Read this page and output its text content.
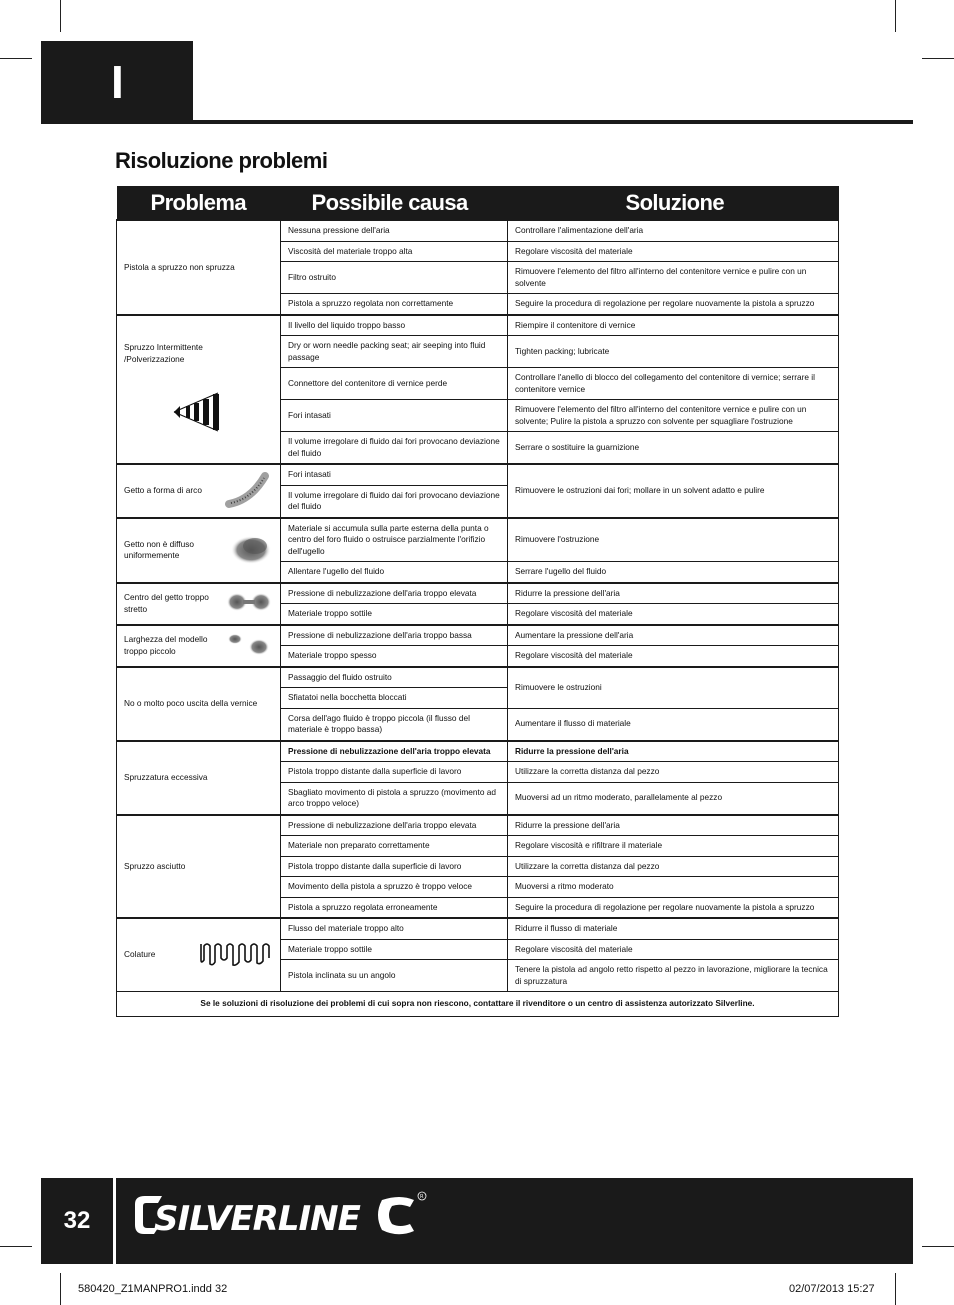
I
Risoluzione problemi
Problema	Possibile causa	Soluzione

Pistola a spruzzo non spruzza	Nessuna pressione dell'aria	Controllare l'alimentazione dell'aria
	Viscosità del materiale troppo alta	Regolare viscosità del materiale
	Filtro ostruito	Rimuovere l'elemento del filtro all'interno del contenitore vernice e pulire con un solvente
	Pistola a spruzzo regolata non correttamente	Seguire la procedura di regolazione per regolare nuovamente la pistola a spruzzo

Spruzzo Intermittente /Polverizzazione	Il livello del liquido troppo basso	Riempire il contenitore di vernice
	Dry or worn needle packing seat; air seeping into fluid passage	Tighten packing; lubricate
	Connettore del contenitore di vernice perde	Controllare l'anello di blocco del collegamento del contenitore di vernice; serrare il contenitore vernice
	Fori intasati	Rimuovere l'elemento del filtro all'interno del contenitore vernice e pulire con un solvente; Pulire la pistola a spruzzo con solvente per squagliare l'ostruzione
	Il volume irregolare di fluido dai fori provocano deviazione del fluido	Serrare o sostituire la guarnizione

Getto a forma di arco	Fori intasati	Rimuovere le ostruzioni dai fori; mollare in un solvent adatto e pulire
	Il volume irregolare di fluido dai fori provocano deviazione del fluido	

Getto non è diffuso uniformemente	Materiale si accumula sulla parte esterna della punta o centro del foro fluido o ostruisce parzialmente l'orifizio dell'ugello	Rimuovere l'ostruzione
	Allentare l'ugello del fluido	Serrare l'ugello del fluido

Centro del getto troppo stretto	Pressione di nebulizzazione dell'aria troppo elevata	Ridurre la pressione dell'aria
	Materiale troppo sottile	Regolare viscosità del materiale

Larghezza del modello troppo piccolo	Pressione di nebulizzazione dell'aria troppo bassa	Aumentare la pressione dell'aria
	Materiale troppo spesso	Regolare viscosità del materiale

No o molto poco uscita della vernice	Passaggio del fluido ostruito	Rimuovere le ostruzioni
	Sfiatatoi nella bocchetta bloccati	
	Corsa dell'ago fluido è troppo piccola (il flusso del materiale è troppo bassa)	Aumentare il flusso di materiale

Spruzzatura eccessiva	Pressione di nebulizzazione dell'aria troppo elevata	Ridurre la pressione dell'aria
	Pistola troppo distante dalla superficie di lavoro	Utilizzare la corretta distanza dal pezzo
	Sbagliato movimento di pistola a spruzzo (movimento ad arco troppo veloce)	Muoversi ad un ritmo moderato, parallelamente al pezzo

Spruzzo asciutto	Pressione di nebulizzazione dell'aria troppo elevata	Ridurre la pressione dell'aria
	Materiale non preparato correttamente	Regolare viscosità e rifiltrare il materiale
	Pistola troppo distante dalla superficie di lavoro	Utilizzare la corretta distanza dal pezzo
	Movimento della pistola a spruzzo è troppo veloce	Muoversi a ritmo moderato
	Pistola a spruzzo regolata erroneamente	Seguire la procedura di regolazione per regolare nuovamente la pistola a spruzzo

Colature	Flusso del materiale troppo alto	Ridurre il flusso di materiale
	Materiale troppo sottile	Regolare viscosità del materiale
	Pistola inclinata su un angolo	Tenere la pistola ad angolo retto rispetto al pezzo in lavorazione, migliorare la tecnica di spruzzatura
Se le soluzioni di risoluzione dei problemi di cui sopra non riescono, contattare il rivenditore o un centro di assistenza autorizzato Silverline.		
32	SILVERLINE
R
580420_Z1MANPRO1.indd 32	02/07/2013 15:27
